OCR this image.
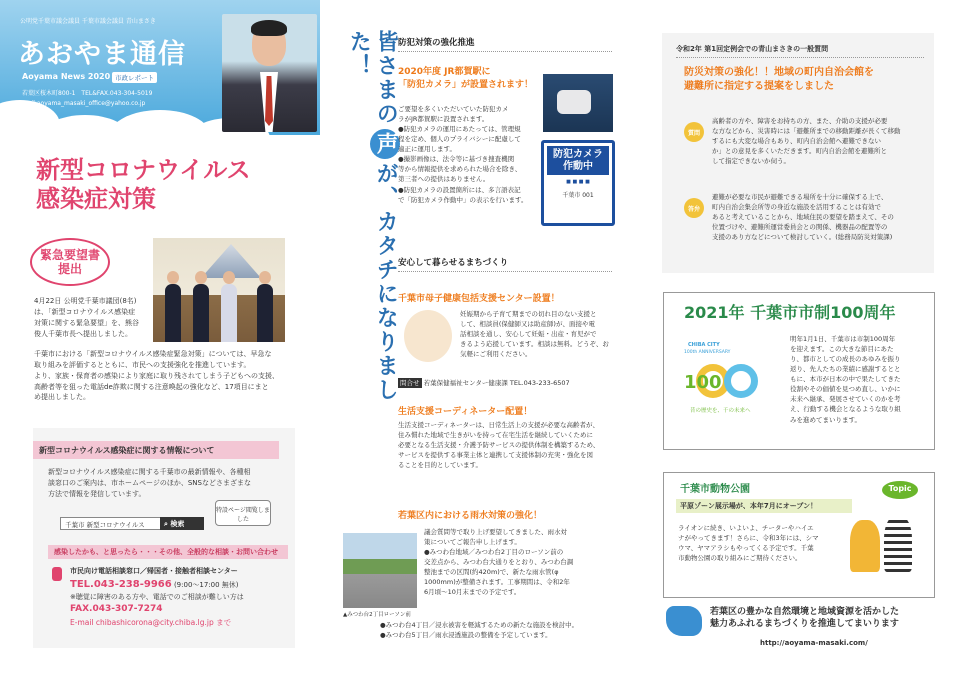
公明党千葉市議会議員 千葉市議会議員 青山まさき
あおやま通信
Aoyama News 2020 市政レポート
若葉区桜木町800-1　TEL&FAX.043-304-5019
mail:aoyama_masaki_office@yahoo.co.jp
新型コロナウイルス
感染症対策
緊急要望書
提出
4月22日 公明党千葉市議団(8名)
は、「新型コロナウイルス感染症
対策に関する緊急要望」を、熊谷
俊人千葉市長へ提出しました。
千葉市における「新型コロナウイルス感染症緊急対策」については、早急な
取り組みを評価するとともに、市民への支援強化を推進しています。
より、家族・保育者の感染により家庭に取り残されてしまう子どもへの支援、
高齢者等を狙った電話de詐欺に関する注意喚起の強化など、17項目にまと
め提出しました。
新型コロナウイルス感染症に関する情報について
新型コロナウイルス感染症に関する千葉市の最新情報や、各種相
談窓口のご案内は、市ホームページのほか、SNSなどさまざまな
方法で情報を発信しています。
千葉市 新型コロナウイルス	⌕ 検索
特設ページ閲覧しました
感染したかも、と思ったら・・・その他、全般的な相談・お問い合わせ
市民向け電話相談窓口／帰国者・接触者相談センター
TEL.043-238-9966 (9:00〜17:00 無休)
※聴覚に障害のある方や、電話でのご相談が難しい方は
FAX.043-307-7274
E-mail chibashicorona@city.chiba.lg.jp まで
皆さまの声が、カタチになりました！	防犯対策の強化推進
2020年度 JR都賀駅に
「防犯カメラ」が設置されます！
ご要望を多くいただいていた防犯カメ
ラがJR都賀駅に設置されます。
●防犯カメラの運用にあたっては、管理規
程を定め、個人のプライバシーに配慮して
適正に運用します。
●撮影画像は、法令等に基づき捜査機関
等から情報提供を求められた場合を除き、
第三者への提供はありません。
●防犯カメラの設置箇所には、多言語表記
で「防犯カメラ作動中」の表示を行います。
防犯カメラ
作動中
■ ■ ■ ■
千葉市 001
安心して暮らせるまちづくり
千葉市母子健康包括支援センター設置！
妊娠期から子育て期までの切れ目のない支援と
して、相談員(保健師又は助産師)が、面接や電
話相談を通し、安心して妊娠・出産・育児がで
きるよう応援しています。相談は無料。どうぞ、お
気軽にご利用ください。
問合せ 若葉保健福祉センター健康課 TEL.043-233-6507
生活支援コーディネーター配置！
生活支援コーディネーターは、日常生活上の支援が必要な高齢者が、
住み慣れた地域で生きがいを持って在宅生活を継続していくために
必要となる生活支援・介護予防サービスの提供体制を構築するため、
サービスを提供する事業主体と連携して支援体制の充実・強化を図
ることを目的としています。
若葉区内における雨水対策の強化！
▲みつわ台2丁目ローソン前
議会質問等で取り上げ要望してきました、雨水対
策についてご報告申し上げます。
●みつわ台地域／みつわ台2丁目のローソン前の
交差点から、みつわ台大通りをとおり、みつわ台調
整池までの区間(約420m)で、新たな雨水管(φ
1000mm)が整備されます。工事期間は、令和2年
6月頃〜10月末までの予定です。
●みつわ台4丁目／浸水被害を軽減するための新たな施設を検討中。
●みつわ台5丁目／雨水浸透施設の整備を予定しています。
令和2年 第1回定例会での青山まさきの一般質問
防災対策の強化！！地域の町内自治会館を
避難所に指定する提案をしました
質問
高齢者の方や、障害をお持ちの方、また、介助の支援が必要
な方などから、災害時には「避難所までの移動距離が長くて移動
するにも大変な場合もあり、町内自治会館へ避難できない
か」との意見を多くいただきます。町内自治会館を避難所と
して指定できないか伺う。
答弁
避難が必要な市民が避難できる場所を十分に確保する上で、
町内自治会集会所等の身近な施設を活用することは有効で
あると考えていることから、地域住民の要望を踏まえて、その
位置づけや、避難所運営委員会との関係、機器品の配置等の
支援のあり方などについて検討していく。(総務局防災対策課)
2021年 千葉市市制100周年
CHIBA CITY
100th ANNIVERSARY
100
昔の歴史を、千の未来へ
明年1月1日、千葉市は市制100周年
を迎えます。この大きな節目にあた
り、都市としての成長のあゆみを振り
返り、先人たちの業績に感謝するとと
もに、本市が日本の中で果たしてきた
役割やその価値を見つめ直し、いかに
未来へ継承、発展させていくのかを考
え、行動する機会となるような取り組
みを進めてまいります。
千葉市動物公園	Topic
平原ゾーン展示場が、本年7月にオープン！
ライオンに続き、いよいよ、チーターやハイエ
ナがやってきます！さらに、令和3年には、シマ
ウマ、ヤマアラシもやってくる予定です。千葉
市動物公園の取り組みにご期待ください。
若葉区の豊かな自然環境と地域資源を活かした
魅力あふれるまちづくりを推進してまいります
http://aoyama-masaki.com/
